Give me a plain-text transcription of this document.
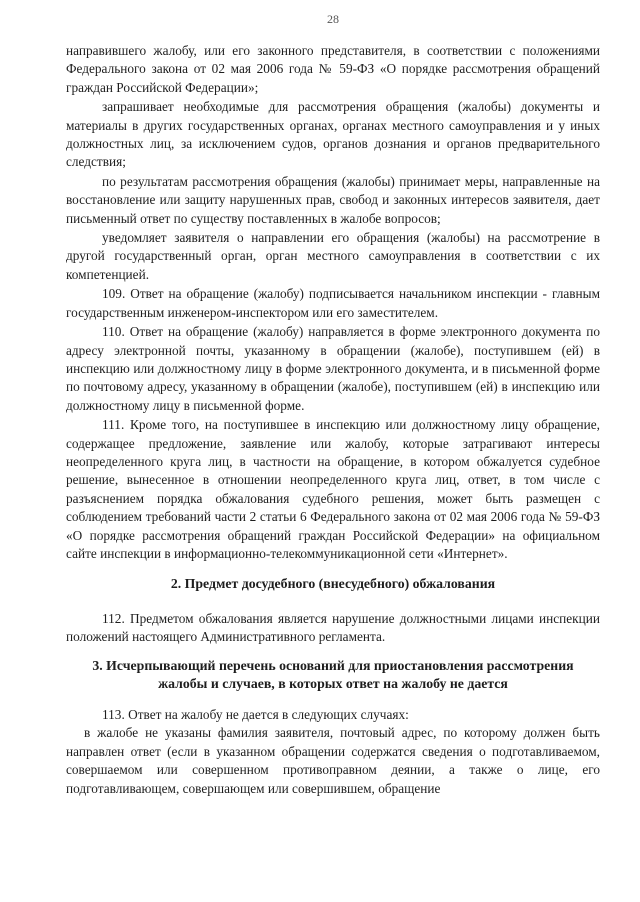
28

направившего жалобу, или его законного представителя, в соответствии с положениями Федерального закона от 02 мая 2006 года № 59-ФЗ «О порядке рассмотрения обращений граждан Российской Федерации»;

запрашивает необходимые для рассмотрения обращения (жалобы) документы и материалы в других государственных органах, органах местного самоуправления и у иных должностных лиц, за исключением судов, органов дознания и органов предварительного следствия;

по результатам рассмотрения обращения (жалобы) принимает меры, направленные на восстановление или защиту нарушенных прав, свобод и законных интересов заявителя, дает письменный ответ по существу поставленных в жалобе вопросов;

уведомляет заявителя о направлении его обращения (жалобы) на рассмотрение в другой государственный орган, орган местного самоуправления в соответствии с их компетенцией.

109. Ответ на обращение (жалобу) подписывается начальником инспекции - главным государственным инженером-инспектором или его заместителем.

110. Ответ на обращение (жалобу) направляется в форме электронного документа по адресу электронной почты, указанному в обращении (жалобе), поступившем (ей) в инспекцию или должностному лицу в форме электронного документа, и в письменной форме по почтовому адресу, указанному в обращении (жалобе), поступившем (ей) в инспекцию или должностному лицу в письменной форме.

111. Кроме того, на поступившее в инспекцию или должностному лицу обращение, содержащее предложение, заявление или жалобу, которые затрагивают интересы неопределенного круга лиц, в частности на обращение, в котором обжалуется судебное решение, вынесенное в отношении неопределенного круга лиц, ответ, в том числе с разъяснением порядка обжалования судебного решения, может быть размещен с соблюдением требований части 2 статьи 6 Федерального закона от 02 мая 2006 года № 59-ФЗ «О порядке рассмотрения обращений граждан Российской Федерации» на официальном сайте инспекции в информационно-телекоммуникационной сети «Интернет».

2. Предмет досудебного (внесудебного) обжалования

112. Предметом обжалования является нарушение должностными лицами инспекции положений настоящего Административного регламента.

3. Исчерпывающий перечень оснований для приостановления рассмотрения жалобы и случаев, в которых ответ на жалобу не дается

113. Ответ на жалобу не дается в следующих случаях:

в жалобе не указаны фамилия заявителя, почтовый адрес, по которому должен быть направлен ответ (если в указанном обращении содержатся сведения о подготавливаемом, совершаемом или совершенном противоправном деянии, а также о лице, его подготавливающем, совершающем или совершившем, обращение
